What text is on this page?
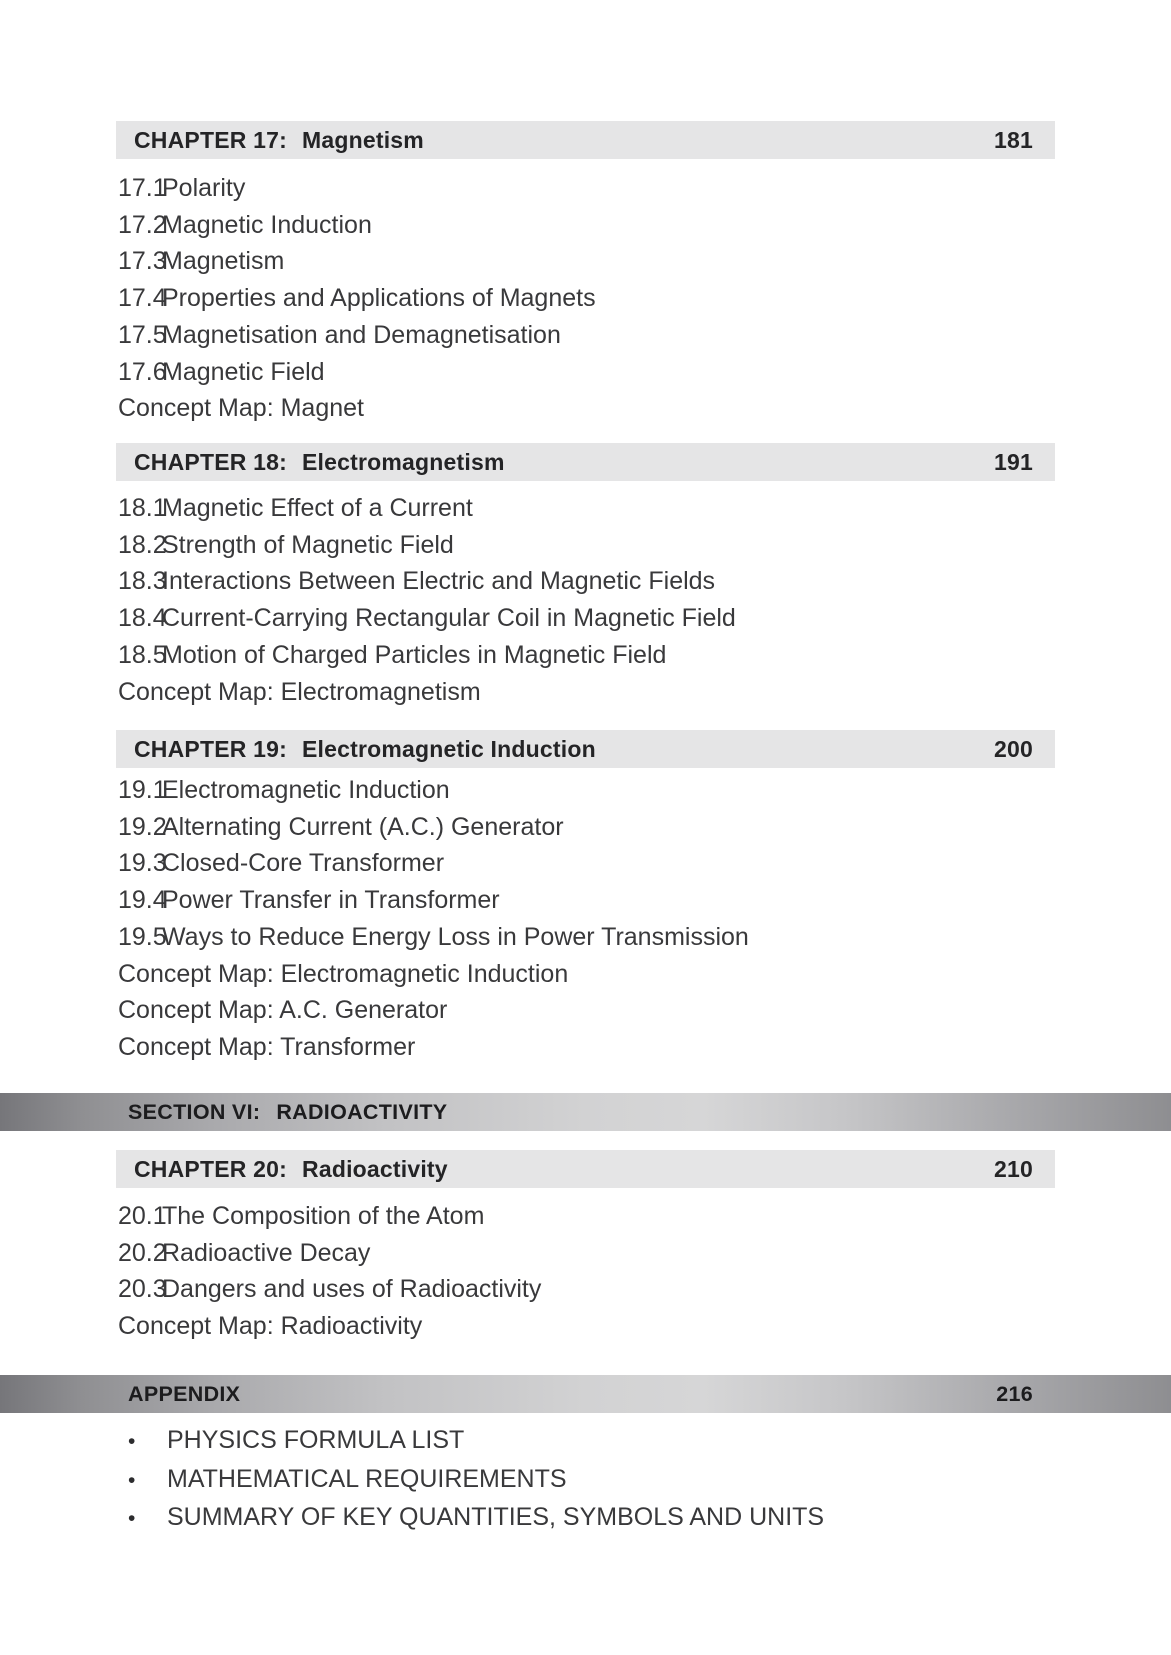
CHAPTER 17: Magnetism	181
17.1Polarity
17.2Magnetic Induction
17.3Magnetism
17.4Properties and Applications of Magnets
17.5Magnetisation and Demagnetisation
17.6Magnetic Field
Concept Map: Magnet
CHAPTER 18: Electromagnetism	191
18.1Magnetic Effect of a Current
18.2Strength of Magnetic Field
18.3Interactions Between Electric and Magnetic Fields
18.4Current-Carrying Rectangular Coil in Magnetic Field
18.5Motion of Charged Particles in Magnetic Field
Concept Map: Electromagnetism
CHAPTER 19: Electromagnetic Induction	200
19.1Electromagnetic Induction
19.2Alternating Current (A.C.) Generator
19.3Closed-Core Transformer
19.4Power Transfer in Transformer
19.5Ways to Reduce Energy Loss in Power Transmission
Concept Map: Electromagnetic Induction
Concept Map: A.C. Generator
Concept Map: Transformer
SECTION VI: RADIOACTIVITY
CHAPTER 20: Radioactivity	210
20.1The Composition of the Atom
20.2Radioactive Decay
20.3Dangers and uses of Radioactivity
Concept Map: Radioactivity
APPENDIX	216
• PHYSICS FORMULA LIST
• MATHEMATICAL REQUIREMENTS
• SUMMARY OF KEY QUANTITIES, SYMBOLS AND UNITS
